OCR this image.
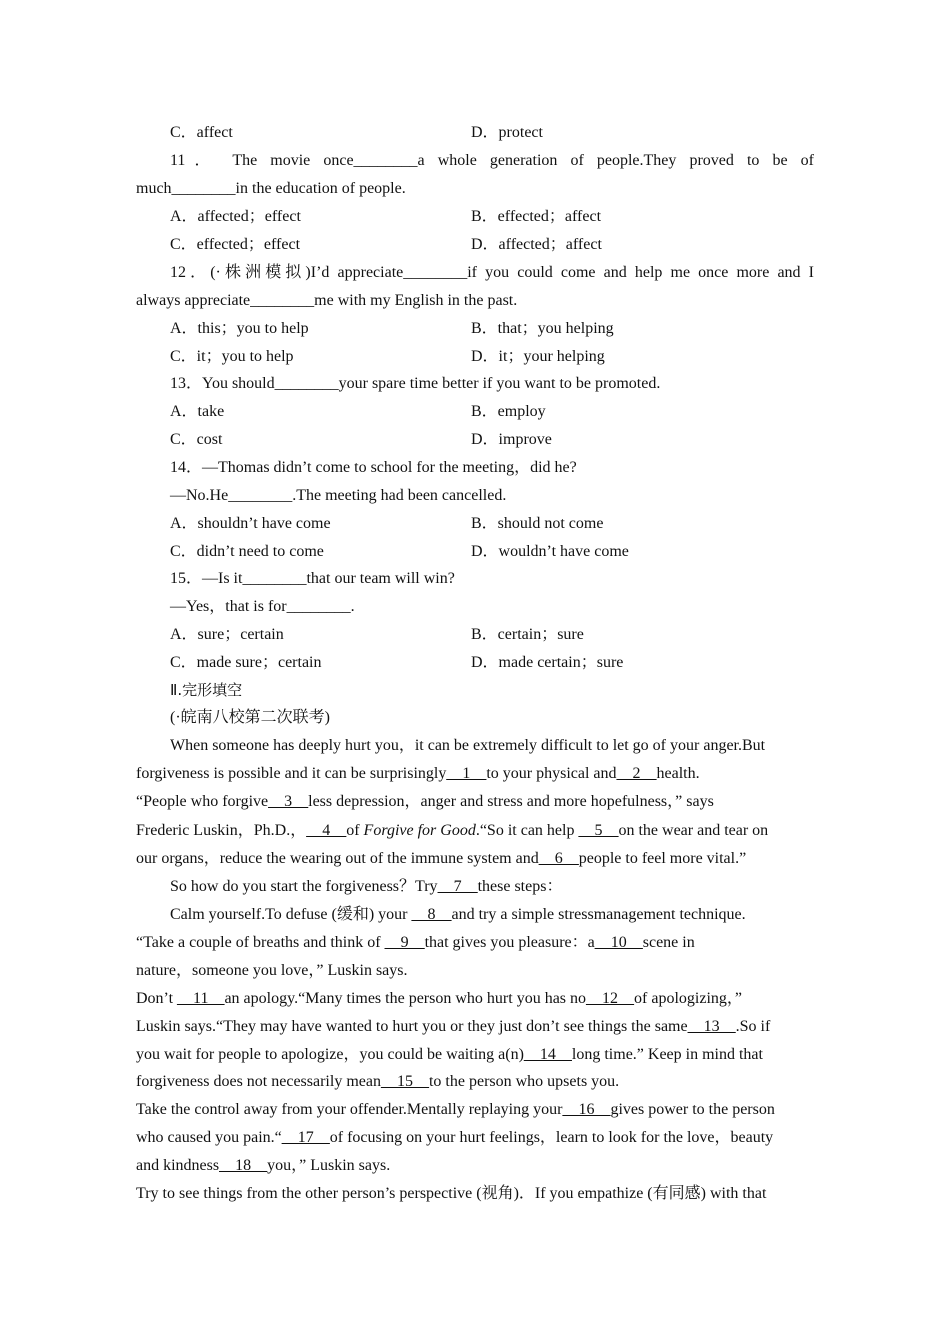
C．affect	D．protect
11． The movie once________a whole generation of people.They proved to be of
much________in the education of people.
A．affected；effect	B．effected；affect
C．effected；effect	D．affected；affect
12．(·株洲模拟)I’d appreciate________if you could come and help me once more and I
always appreciate________me with my English in the past.
A．this；you to help	B．that；you helping
C．it；you to help	D．it；your helping
13．You should________your spare time better if you want to be promoted.
A．take	B．employ
C．cost	D．improve
14．—Thomas didn’t come to school for the meeting，did he?
—No.He________.The meeting had been cancelled.
A．shouldn’t have come	B．should not come
C．didn’t need to come	D．wouldn’t have come
15．—Is it________that our team will win?
—Yes，that is for________.
A．sure；certain	B．certain；sure
C．made sure；certain	D．made certain；sure
Ⅱ.完形填空
(·皖南八校第二次联考)
When someone has deeply hurt you，it can be extremely difficult to let go of your anger.But
forgiveness is possible and it can be surprisingly__1__to your physical and__2__health.
“People who forgive__3__less depression，anger and stress and more hopefulness，” says
Frederic Luskin，Ph.D.，__4__of Forgive for Good.“So it can help __5__on the wear and tear on
our organs，reduce the wearing out of the immune system and__6__people to feel more vital.”
So how do you start the forgiveness？Try__7__these steps：
Calm yourself.To defuse (缓和) your __8__and try a simple stressmanagement technique.
“Take a couple of breaths and think of __9__that gives you pleasure：a__10__scene in
nature，someone you love，” Luskin says.
Don’t __11__an apology.“Many times the person who hurt you has no__12__of apologizing，”
Luskin says.“They may have wanted to hurt you or they just don’t see things the same__13__.So if
you wait for people to apologize，you could be waiting a(n)__14__long time.” Keep in mind that
forgiveness does not necessarily mean__15__to the person who upsets you.
Take the control away from your offender.Mentally replaying your__16__gives power to the person
who caused you pain.“__17__of focusing on your hurt feelings，learn to look for the love，beauty
and kindness__18__you，” Luskin says.
Try to see things from the other person’s perspective (视角)．If you empathize (有同感) with that
